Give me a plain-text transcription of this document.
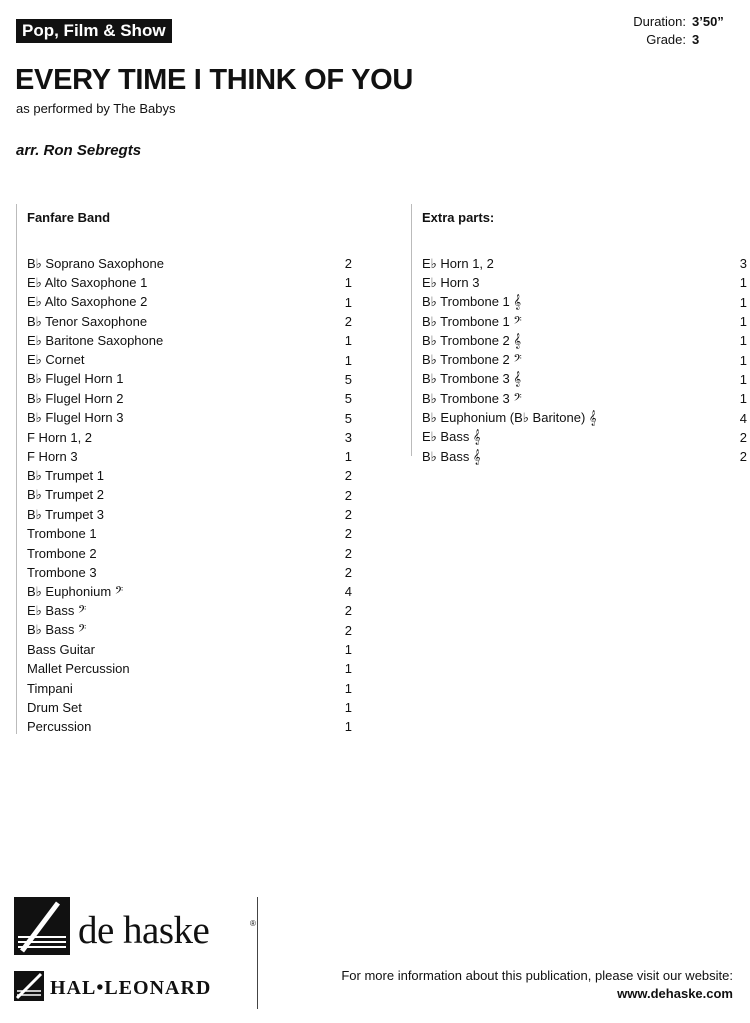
Pop, Film & Show	Duration: 3’50”
Grade: 3
EVERY TIME I THINK OF YOU
as performed by The Babys
arr. Ron Sebregts
Fanfare Band
B♭ Soprano Saxophone	2
E♭ Alto Saxophone 1	1
E♭ Alto Saxophone 2	1
B♭ Tenor Saxophone	2
E♭ Baritone Saxophone	1
E♭ Cornet	1
B♭ Flugel Horn 1	5
B♭ Flugel Horn 2	5
B♭ Flugel Horn 3	5
F Horn 1, 2	3
F Horn 3	1
B♭ Trumpet 1	2
B♭ Trumpet 2	2
B♭ Trumpet 3	2
Trombone 1	2
Trombone 2	2
Trombone 3	2
B♭ Euphonium 𝄢	4
E♭ Bass 𝄢	2
B♭ Bass 𝄢	2
Bass Guitar	1
Mallet Percussion	1
Timpani	1
Drum Set	1
Percussion	1
Extra parts:
E♭ Horn 1, 2	3
E♭ Horn 3	1
B♭ Trombone 1 𝄞	1
B♭ Trombone 1 𝄢	1
B♭ Trombone 2 𝄞	1
B♭ Trombone 2 𝄢	1
B♭ Trombone 3 𝄞	1
B♭ Trombone 3 𝄢	1
B♭ Euphonium (B♭ Baritone) 𝄞	4
E♭ Bass 𝄞	2
B♭ Bass 𝄞	2
de haske	®
HAL•LEONARD
For more information about this publication, please visit our website:
www.dehaske.com
